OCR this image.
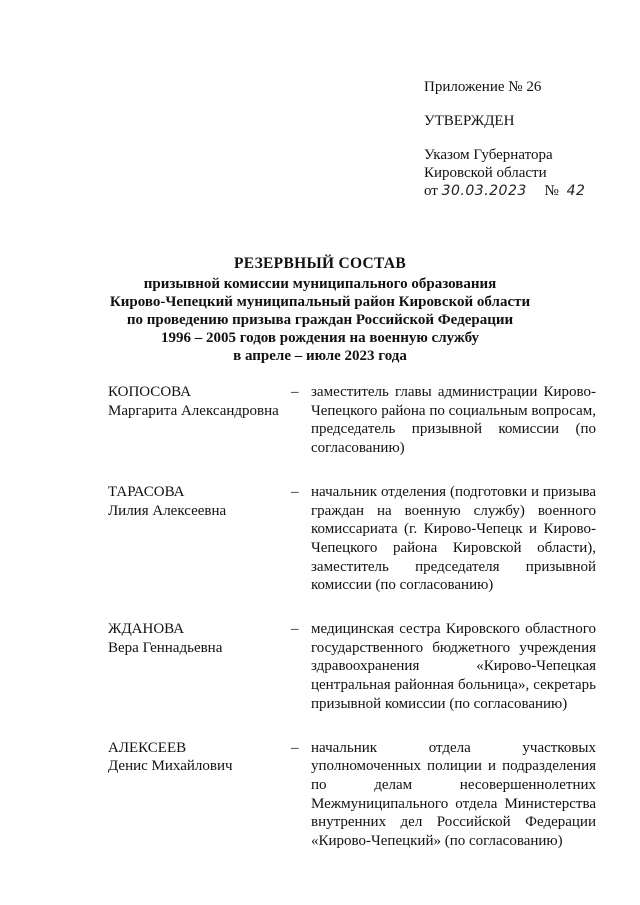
Приложение № 26
УТВЕРЖДЕН
Указом Губернатора
Кировской области
от 30.03.2023 № 42
РЕЗЕРВНЫЙ СОСТАВ
призывной комиссии муниципального образования
Кирово-Чепецкий муниципальный район Кировской области
по проведению призыва граждан Российской Федерации
1996 – 2005 годов рождения на военную службу
в апреле – июле 2023 года
КОПОСОВА
Маргарита Александровна
– заместитель главы администрации Кирово-Чепецкого района по социальным вопросам, председатель призывной комиссии (по согласованию)
ТАРАСОВА
Лилия Алексеевна
– начальник отделения (подготовки и призыва граждан на военную службу) военного комиссариата (г. Кирово-Чепецк и Кирово-Чепецкого района Кировской области), заместитель председателя призывной комиссии (по согласованию)
ЖДАНОВА
Вера Геннадьевна
– медицинская сестра Кировского областного государственного бюджетного учреждения здравоохранения «Кирово-Чепецкая центральная районная больница», секретарь призывной комиссии (по согласованию)
АЛЕКСЕЕВ
Денис Михайлович
– начальник отдела участковых уполномоченных полиции и подразделения по делам несовершеннолетних Межмуниципального отдела Министерства внутренних дел Российской Федерации «Кирово-Чепецкий» (по согласованию)
